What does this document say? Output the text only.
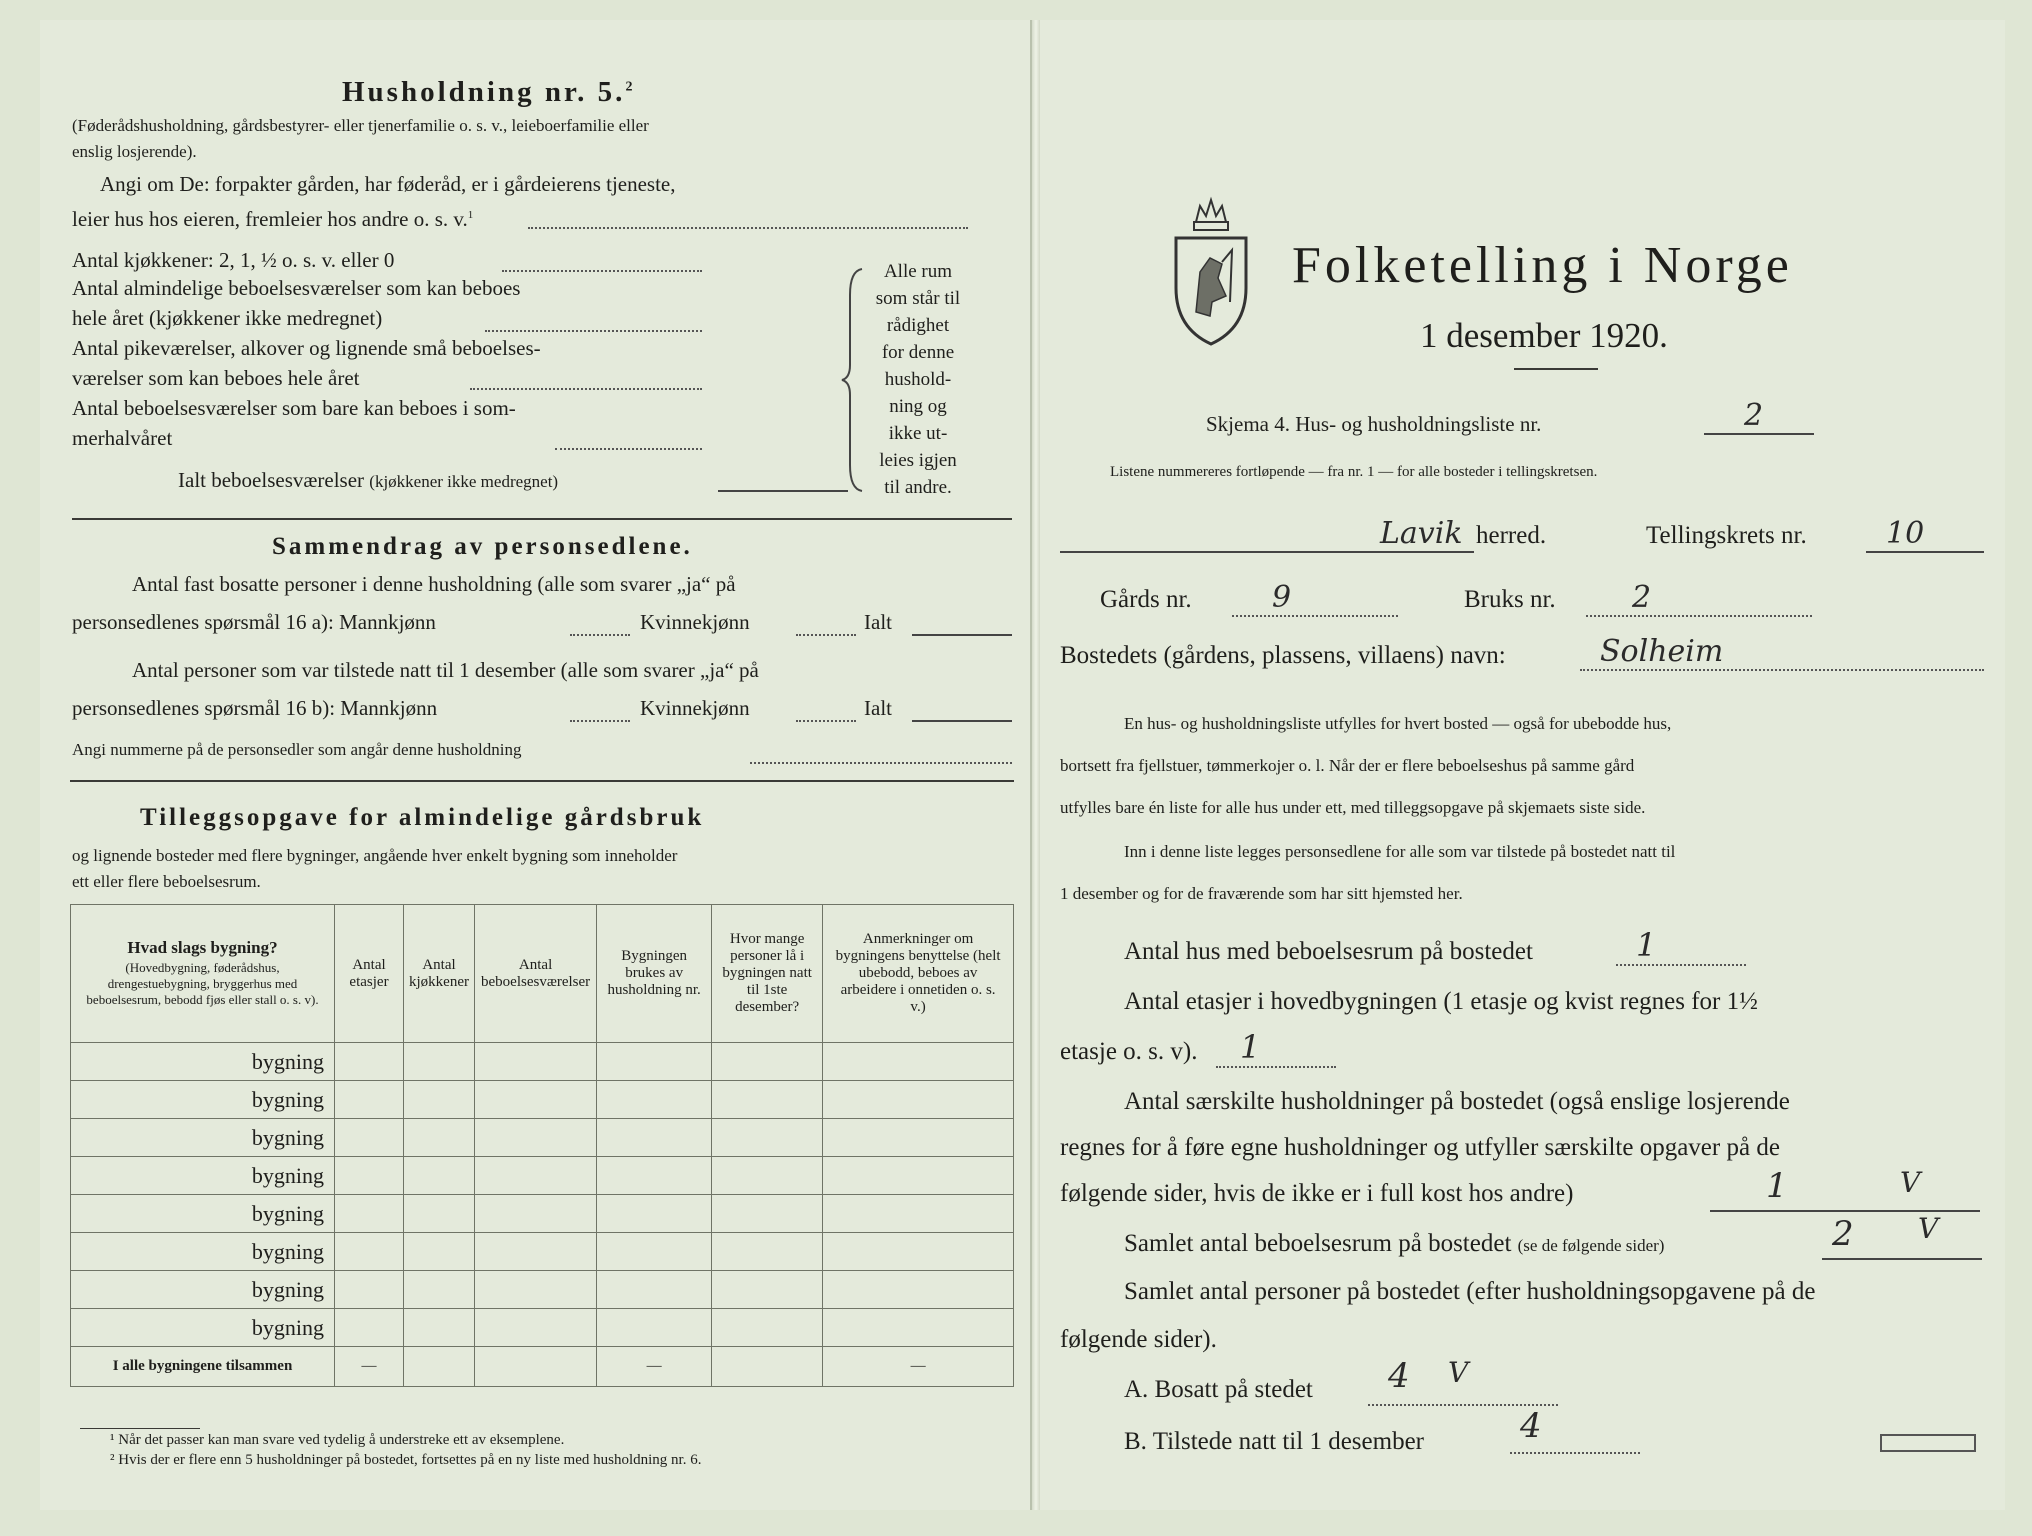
Husholdning nr. 5.$^2$
(Føderådshusholdning, gårdsbestyrer- eller tjenerfamilie o. s. v., leieboerfamilie eller
enslig losjerende).
Angi om De: forpakter gården, har føderåd, er i gårdeierens tjeneste,
leier hus hos eieren, fremleier hos andre o. s. v.$^1$
Antal kjøkkener: 2, 1, ½ o. s. v. eller 0
Antal almindelige beboelsesværelser som kan beboes
hele året (kjøkkener ikke medregnet)
Antal pikeværelser, alkover og lignende små beboelses-
værelser som kan beboes hele året
Antal beboelsesværelser som bare kan beboes i som-
merhalvåret
Ialt beboelsesværelser (kjøkkener ikke medregnet)
Alle rum
som står til
rådighet
for denne
hushold-
ning og
ikke ut-
leies igjen
til andre.
Sammendrag av personsedlene.
Antal fast bosatte personer i denne husholdning (alle som svarer „ja“ på
personsedlenes spørsmål 16 a): Mannkjønn	Kvinnekjønn	Ialt
Antal personer som var tilstede natt til 1 desember (alle som svarer „ja“ på
personsedlenes spørsmål 16 b): Mannkjønn	Kvinnekjønn	Ialt
Angi nummerne på de personsedler som angår denne husholdning
Tilleggsopgave for almindelige gårdsbruk
og lignende bosteder med flere bygninger, angående hver enkelt bygning som inneholder
ett eller flere beboelsesrum.
Hvad slags bygning?
(Hovedbygning, føderådshus, drengestuebygning, bryggerhus med beboelsesrum, bebodd fjøs eller stall o. s. v).	Antal etasjer	Antal kjøkkener	Antal beboelsesværelser	Bygningen brukes av husholdning nr.	Hvor mange personer lå i bygningen natt til 1ste desember?	Anmerkninger om bygningens benyttelse (helt ubebodd, beboes av arbeidere i onnetiden o. s. v.)
bygning						
bygning						
bygning						
bygning						
bygning						
bygning						
bygning						
bygning						
I alle bygningene tilsammen	—			—		—
¹ Når det passer kan man svare ved tydelig å understreke ett av eksemplene.
² Hvis der er flere enn 5 husholdninger på bostedet, fortsettes på en ny liste med husholdning nr. 6.
Folketelling i Norge
1 desember 1920.
Skjema 4. Hus- og husholdningsliste nr.	2
Listene nummereres fortløpende — fra nr. 1 — for alle bosteder i tellingskretsen.
Lavik herred.	Tellingskrets nr.	10
Gårds nr.	9	Bruks nr.	2
Bostedets (gårdens, plassens, villaens) navn:	Solheim
En hus- og husholdningsliste utfylles for hvert bosted — også for ubebodde hus,
bortsett fra fjellstuer, tømmerkojer o. l. Når der er flere beboelseshus på samme gård
utfylles bare én liste for alle hus under ett, med tilleggsopgave på skjemaets siste side.
Inn i denne liste legges personsedlene for alle som var tilstede på bostedet natt til
1 desember og for de fraværende som har sitt hjemsted her.
Antal hus med beboelsesrum på bostedet	1
Antal etasjer i hovedbygningen (1 etasje og kvist regnes for 1½
etasje o. s. v).	1
Antal særskilte husholdninger på bostedet (også enslige losjerende
regnes for å føre egne husholdninger og utfyller særskilte opgaver på de
følgende sider, hvis de ikke er i full kost hos andre)	1	V
Samlet antal beboelsesrum på bostedet (se de følgende sider)	2 V
Samlet antal personer på bostedet (efter husholdningsopgavene på de
følgende sider).
A. Bosatt på stedet 4 V
B. Tilstede natt til 1 desember	4
